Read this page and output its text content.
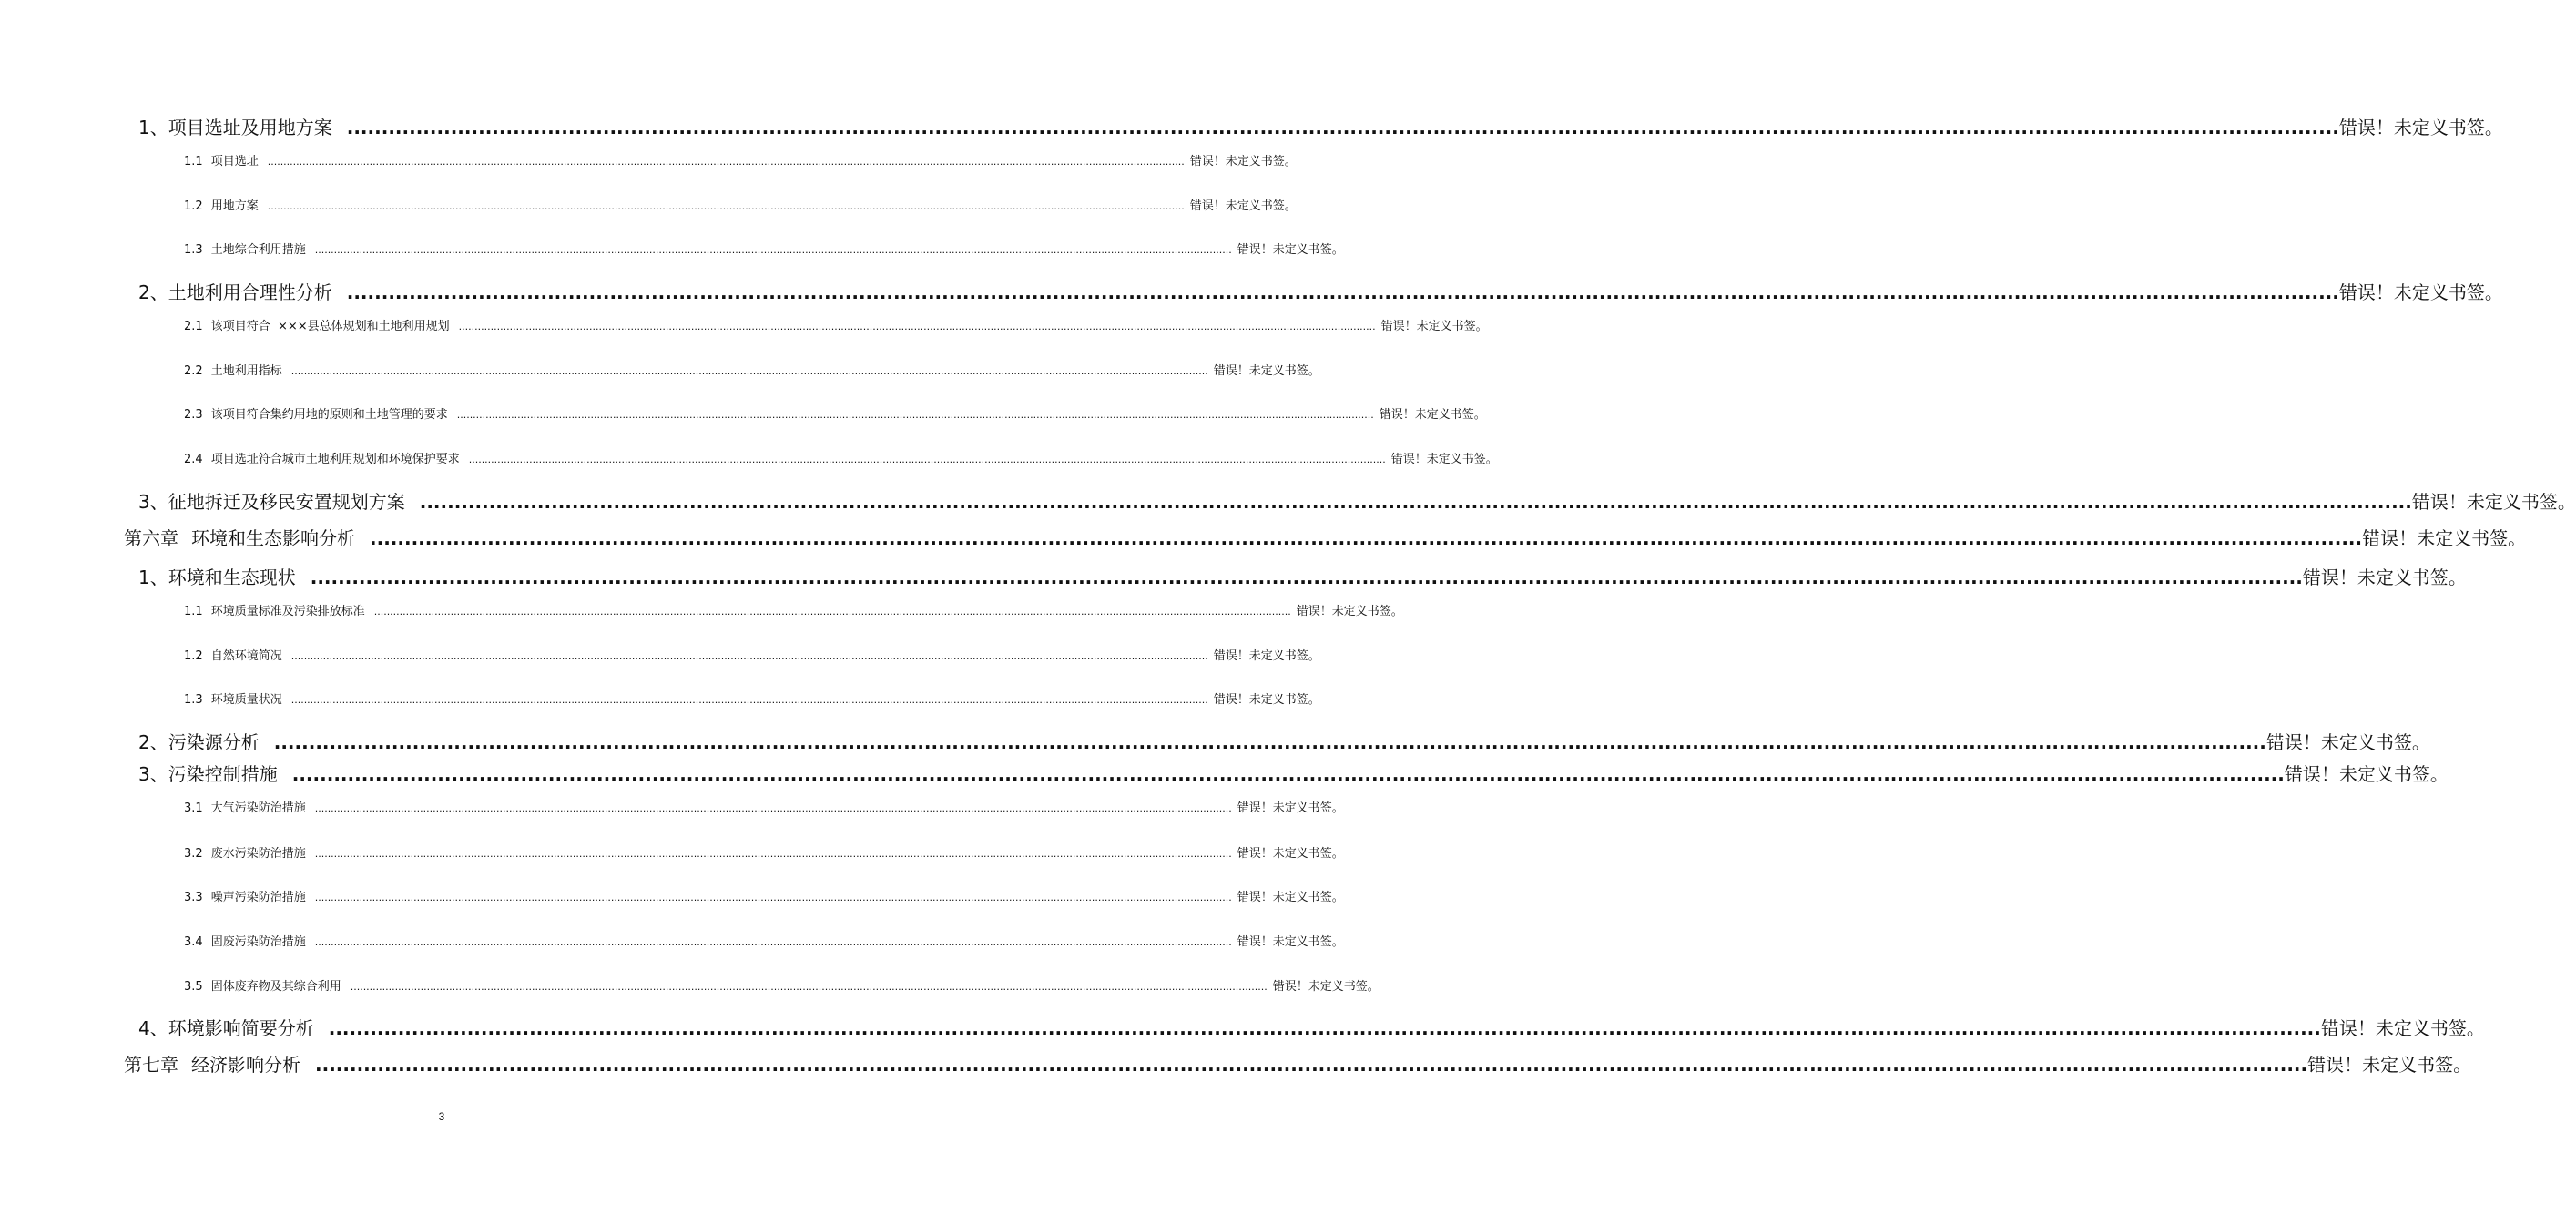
1、 项目选址及用地方案 ................................................................................................................................................................................................................................................................................................ 错误！未定义书签。
1.1 项目选址 ................................................................................................................................................................................................................................................................................................ 错误！未定义书签。
1.2 用地方案 ................................................................................................................................................................................................................................................................................................ 错误！未定义书签。
1.3 土地综合利用措施 ................................................................................................................................................................................................................................................................................................ 错误！未定义书签。
2、 土地利用合理性分析 ................................................................................................................................................................................................................................................................................................ 错误！未定义书签。
2.1 该项目符合  ×××县总体规划和土地利用规划 ................................................................................................................................................................................................................................................................................................ 错误！未定义书签。
2.2 土地利用指标 ................................................................................................................................................................................................................................................................................................ 错误！未定义书签。
2.3 该项目符合集约用地的原则和土地管理的要求 ................................................................................................................................................................................................................................................................................................ 错误！未定义书签。
2.4 项目选址符合城市土地利用规划和环境保护要求 ................................................................................................................................................................................................................................................................................................ 错误！未定义书签。
3、 征地拆迁及移民安置规划方案 ................................................................................................................................................................................................................................................................................................ 错误！未定义书签。
第六章 环境和生态影响分析 ................................................................................................................................................................................................................................................................................................ 错误！未定义书签。
1、 环境和生态现状 ................................................................................................................................................................................................................................................................................................ 错误！未定义书签。
1.1 环境质量标准及污染排放标准 ................................................................................................................................................................................................................................................................................................ 错误！未定义书签。
1.2 自然环境简况 ................................................................................................................................................................................................................................................................................................ 错误！未定义书签。
1.3 环境质量状况 ................................................................................................................................................................................................................................................................................................ 错误！未定义书签。
2、 污染源分析 ................................................................................................................................................................................................................................................................................................ 错误！未定义书签。
3、 污染控制措施 ................................................................................................................................................................................................................................................................................................ 错误！未定义书签。
3.1 大气污染防治措施 ................................................................................................................................................................................................................................................................................................ 错误！未定义书签。
3.2 废水污染防治措施 ................................................................................................................................................................................................................................................................................................ 错误！未定义书签。
3.3 噪声污染防治措施 ................................................................................................................................................................................................................................................................................................ 错误！未定义书签。
3.4 固废污染防治措施 ................................................................................................................................................................................................................................................................................................ 错误！未定义书签。
3.5 固体废弃物及其综合利用 ................................................................................................................................................................................................................................................................................................ 错误！未定义书签。
4、 环境影响简要分析 ................................................................................................................................................................................................................................................................................................ 错误！未定义书签。
第七章 经济影响分析 ................................................................................................................................................................................................................................................................................................ 错误！未定义书签。
3
